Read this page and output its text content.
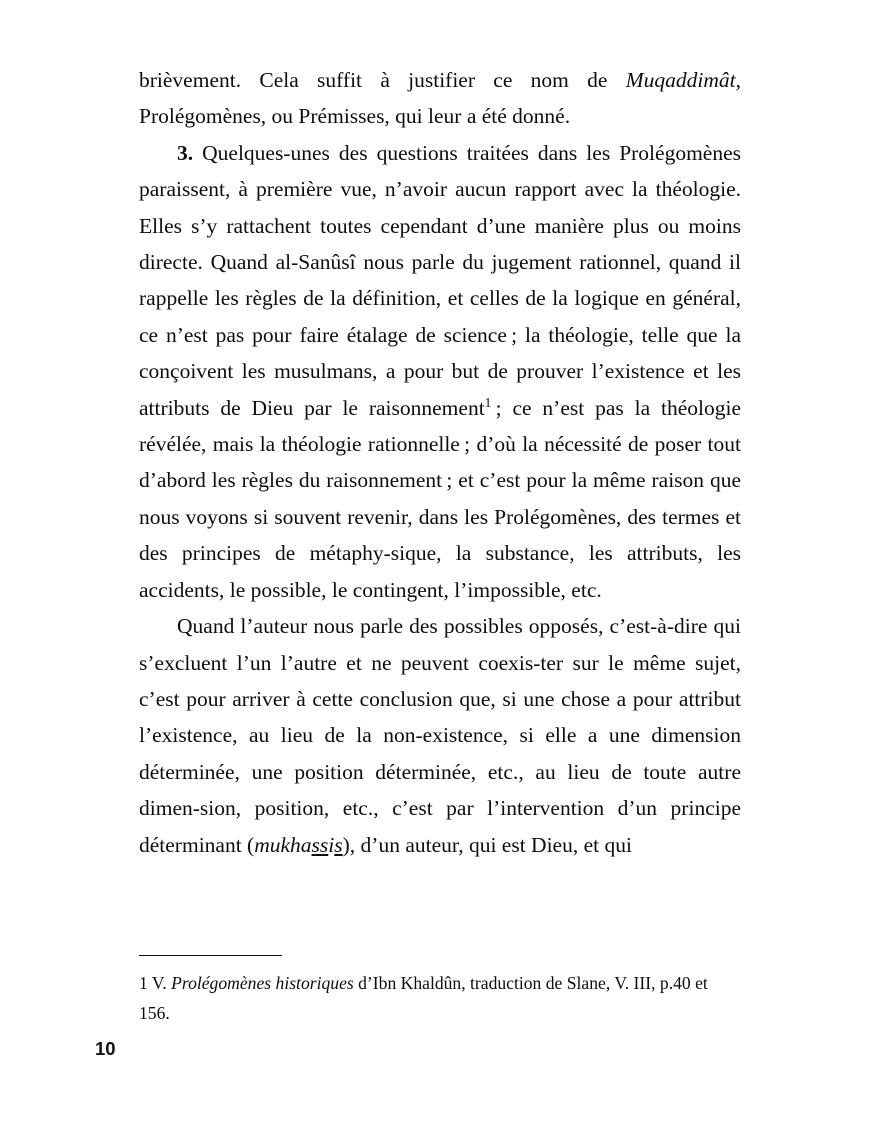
brièvement. Cela suffit à justifier ce nom de Muqaddimât, Prolégomènes, ou Prémisses, qui leur a été donné.

3. Quelques-unes des questions traitées dans les Prolégomènes paraissent, à première vue, n’avoir aucun rapport avec la théologie. Elles s’y rattachent toutes cependant d’une manière plus ou moins directe. Quand al-Sanûsî nous parle du jugement rationnel, quand il rappelle les règles de la définition, et celles de la logique en général, ce n’est pas pour faire étalage de science ; la théologie, telle que la conçoivent les musulmans, a pour but de prouver l’existence et les attributs de Dieu par le raisonnement$^1$ ; ce n’est pas la théologie révélée, mais la théologie rationnelle ; d’où la nécessité de poser tout d’abord les règles du raisonnement ; et c’est pour la même raison que nous voyons si souvent revenir, dans les Prolégomènes, des termes et des principes de métaphy-sique, la substance, les attributs, les accidents, le possible, le contingent, l’impossible, etc.

Quand l’auteur nous parle des possibles opposés, c’est-à-dire qui s’excluent l’un l’autre et ne peuvent coexis-ter sur le même sujet, c’est pour arriver à cette conclusion que, si une chose a pour attribut l’existence, au lieu de la non-existence, si elle a une dimension déterminée, une position déterminée, etc., au lieu de toute autre dimen-sion, position, etc., c’est par l’intervention d’un principe déterminant (mukhassis), d’un auteur, qui est Dieu, et qui

1 V. Prolégomènes historiques d’Ibn Khaldûn, traduction de Slane, V. III, p.40 et 156.
10
